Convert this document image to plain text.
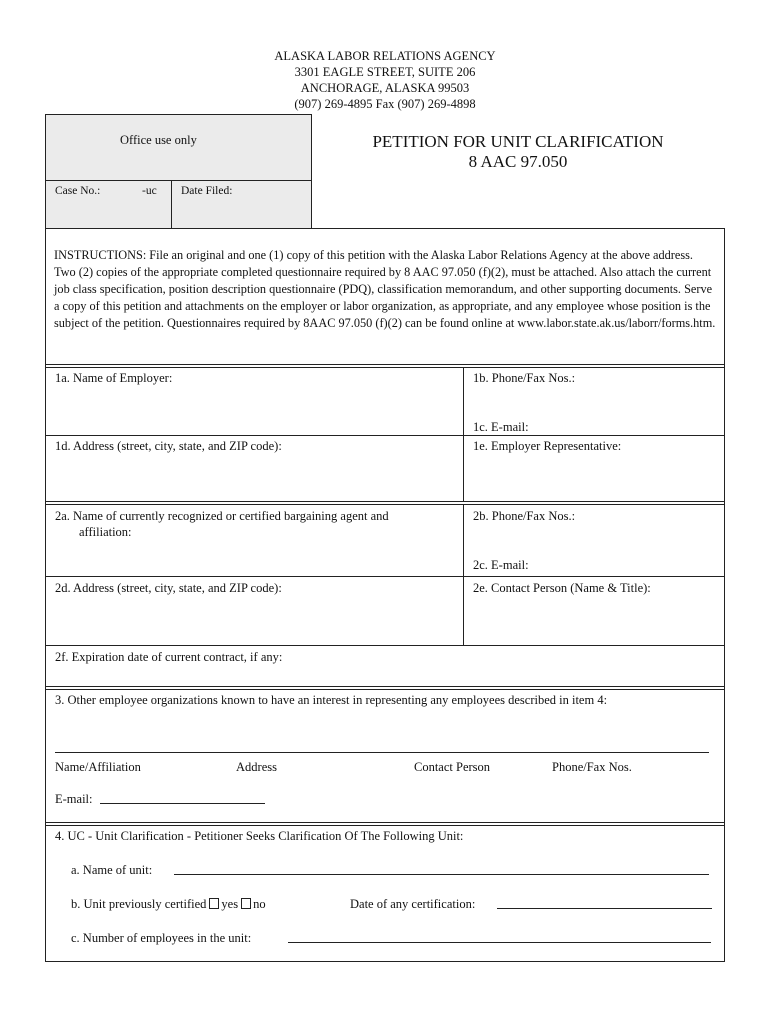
ALASKA LABOR RELATIONS AGENCY
3301 EAGLE STREET, SUITE 206
ANCHORAGE, ALASKA 99503
(907) 269-4895 Fax (907) 269-4898
Office use only
Case No.:	-uc Date Filed:
PETITION FOR UNIT CLARIFICATION
8 AAC 97.050
INSTRUCTIONS: File an original and one (1) copy of this petition with the Alaska Labor Relations Agency at the above address. Two (2) copies of the appropriate completed questionnaire required by 8 AAC 97.050 (f)(2), must be attached. Also attach the current job class specification, position description questionnaire (PDQ), classification memorandum, and other supporting documents. Serve a copy of this petition and attachments on the employer or labor organization, as appropriate, and any employee whose position is the subject of the petition. Questionnaires required by 8AAC 97.050 (f)(2) can be found online at www.labor.state.ak.us/laborr/forms.htm.
1a. Name of Employer:	1b. Phone/Fax Nos.:
1c. E-mail:
1d. Address (street, city, state, and ZIP code):	1e. Employer Representative:
2a. Name of currently recognized or certified bargaining agent and
affiliation:
2b. Phone/Fax Nos.:
2c. E-mail:
2d. Address (street, city, state, and ZIP code):	2e. Contact Person (Name & Title):
2f. Expiration date of current contract, if any:
3. Other employee organizations known to have an interest in representing any employees described in item 4:
Name/Affiliation	Address	Contact Person	Phone/Fax Nos.
E-mail:
4. UC - Unit Clarification - Petitioner Seeks Clarification Of The Following Unit:
a. Name of unit:
b. Unit previously certified yes no	Date of any certification:
c. Number of employees in the unit:
